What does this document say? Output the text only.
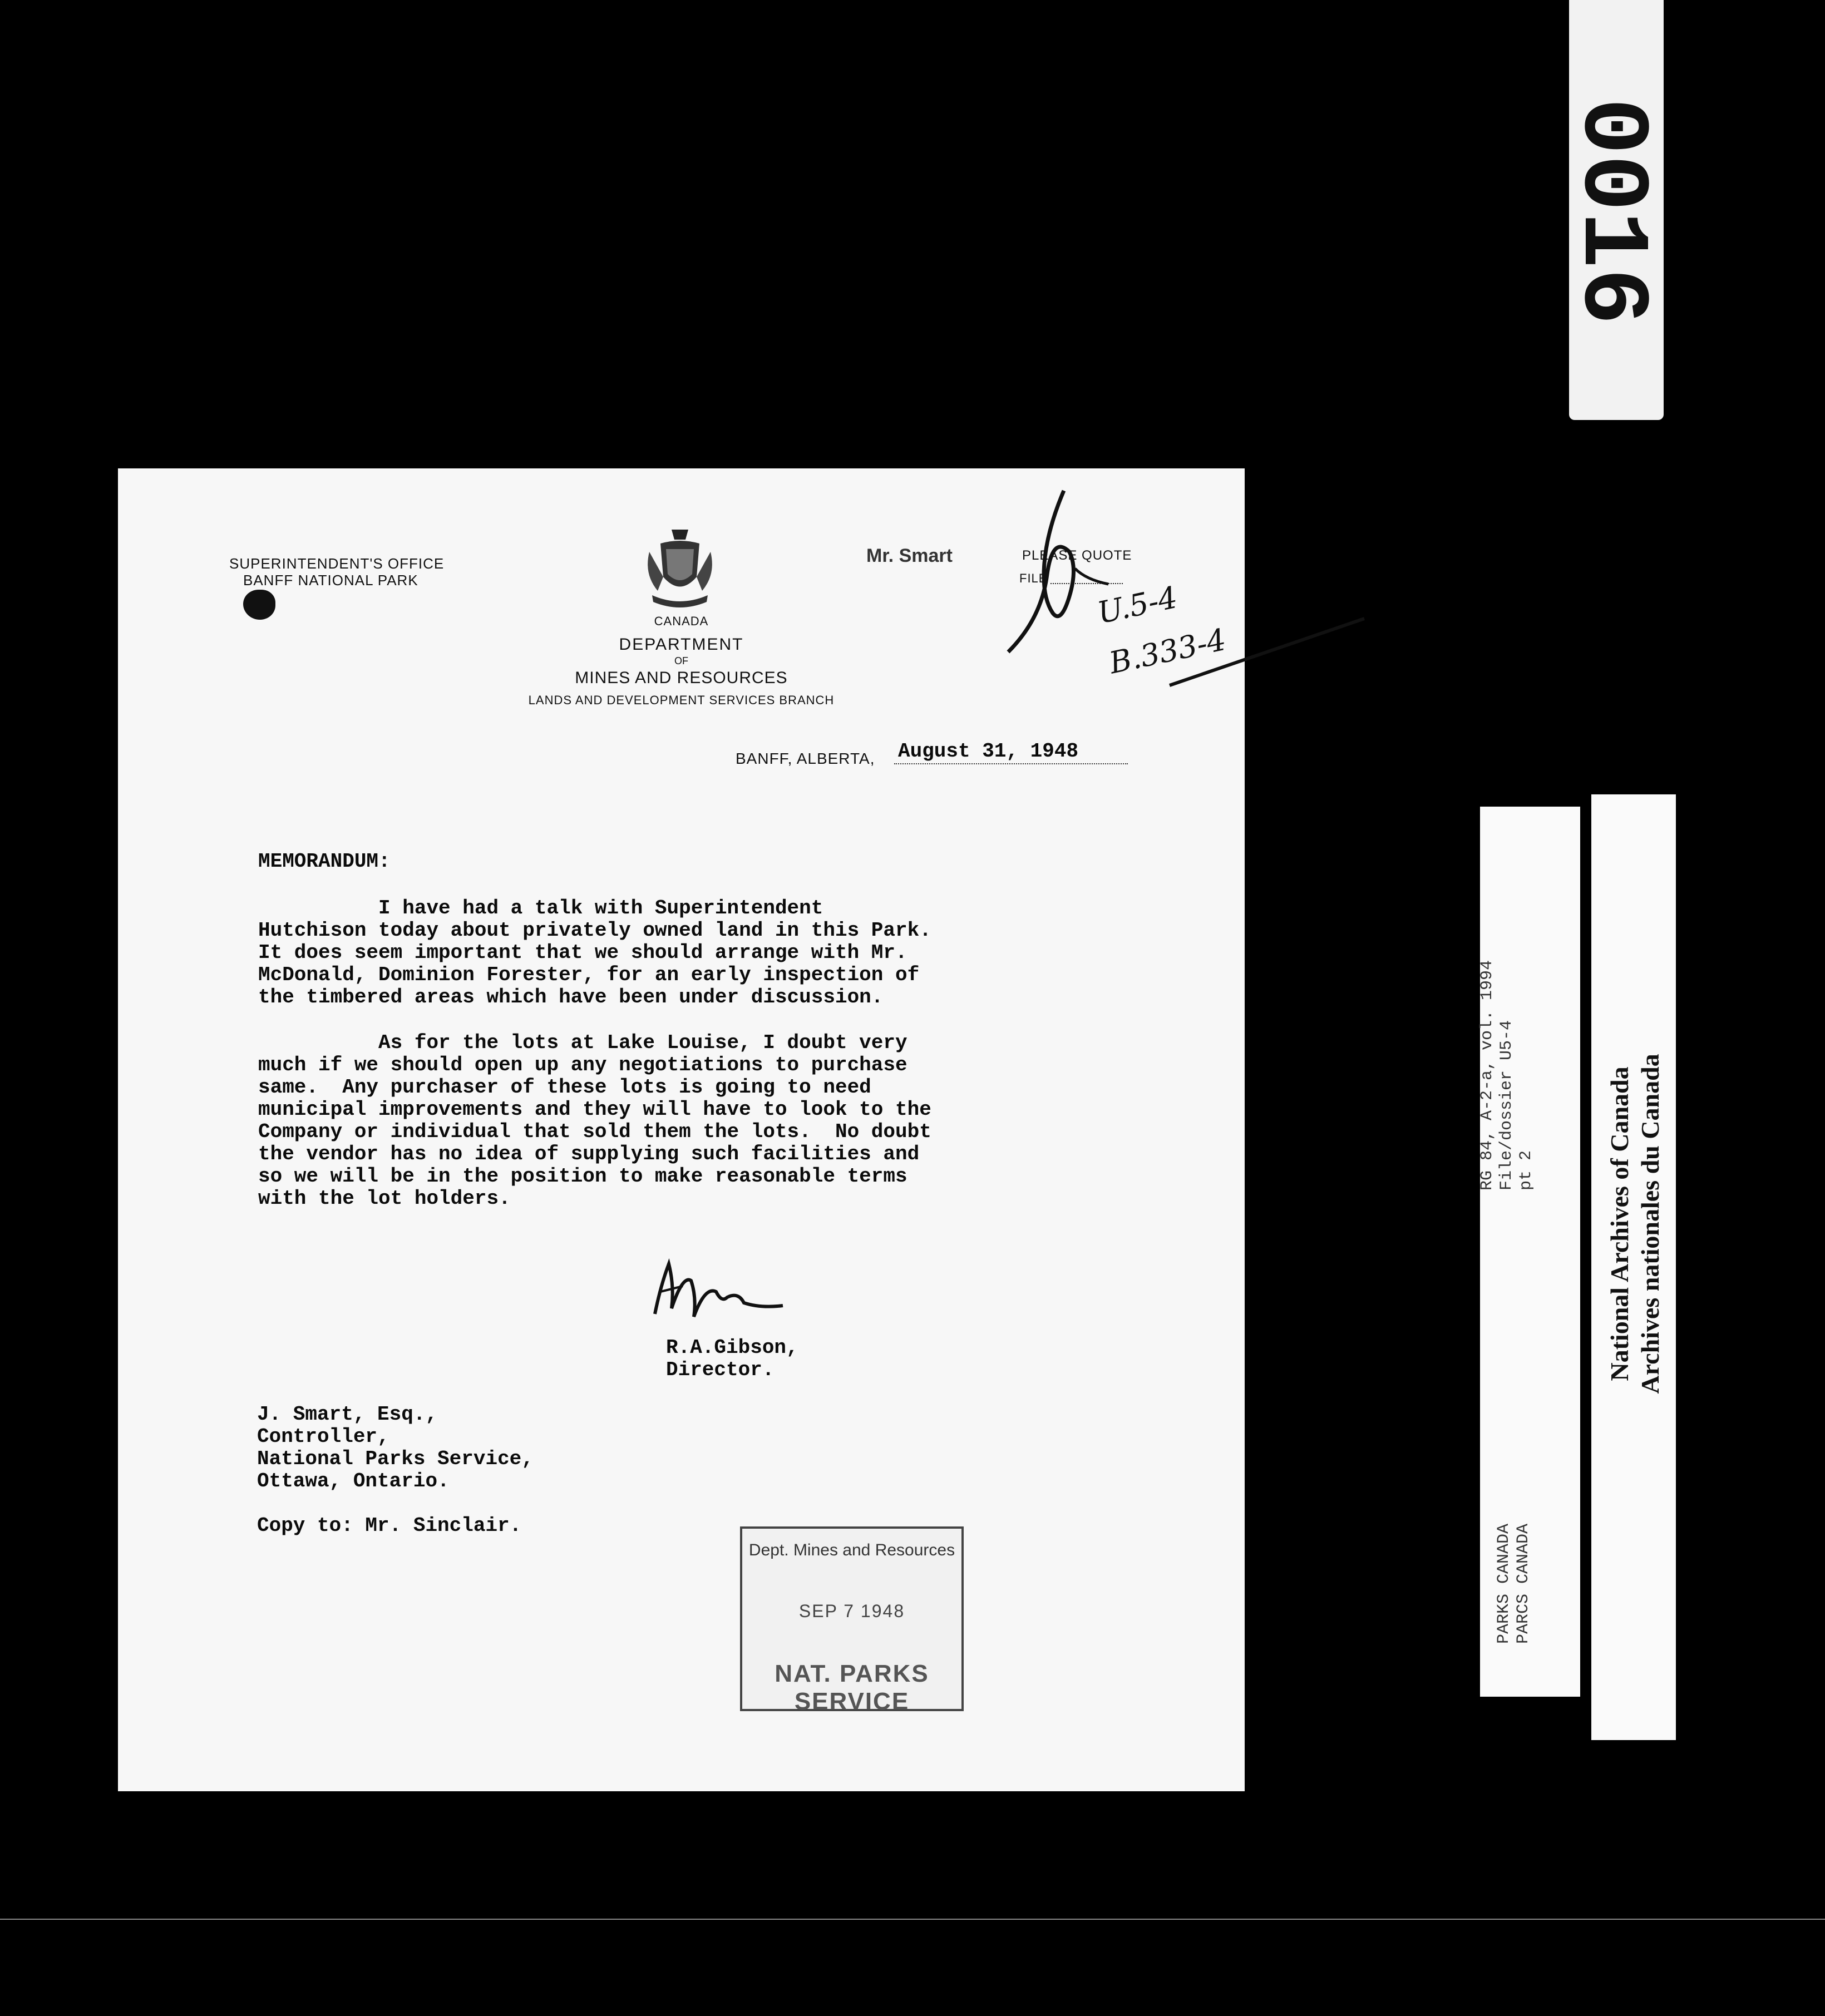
0016
SUPERINTENDENT'S OFFICE
BANFF NATIONAL PARK
CANADA
DEPARTMENT
OF
MINES AND RESOURCES
LANDS AND DEVELOPMENT SERVICES BRANCH
Mr. Smart	PLEASE QUOTE
FILE
U.5-4
B.333-4
BANFF, ALBERTA, August 31, 1948
MEMORANDUM:
I have had a talk with Superintendent
Hutchison today about privately owned land in this Park.
It does seem important that we should arrange with Mr.
McDonald, Dominion Forester, for an early inspection of
the timbered areas which have been under discussion.
As for the lots at Lake Louise, I doubt very
much if we should open up any negotiations to purchase
same.  Any purchaser of these lots is going to need
municipal improvements and they will have to look to the
Company or individual that sold them the lots.  No doubt
the vendor has no idea of supplying such facilities and
so we will be in the position to make reasonable terms
with the lot holders.
R.A.Gibson,
Director.
J. Smart, Esq.,
Controller,
National Parks Service,
Ottawa, Ontario.
Copy to: Mr. Sinclair.
Dept. Mines and Resources
SEP 7 1948
NAT. PARKS SERVICE
RG 84, A-2-a, vol. 1994 File/dossier U5-4 pt 2
PARKS CANADA PARCS CANADA
National Archives of Canada Archives nationales du Canada
